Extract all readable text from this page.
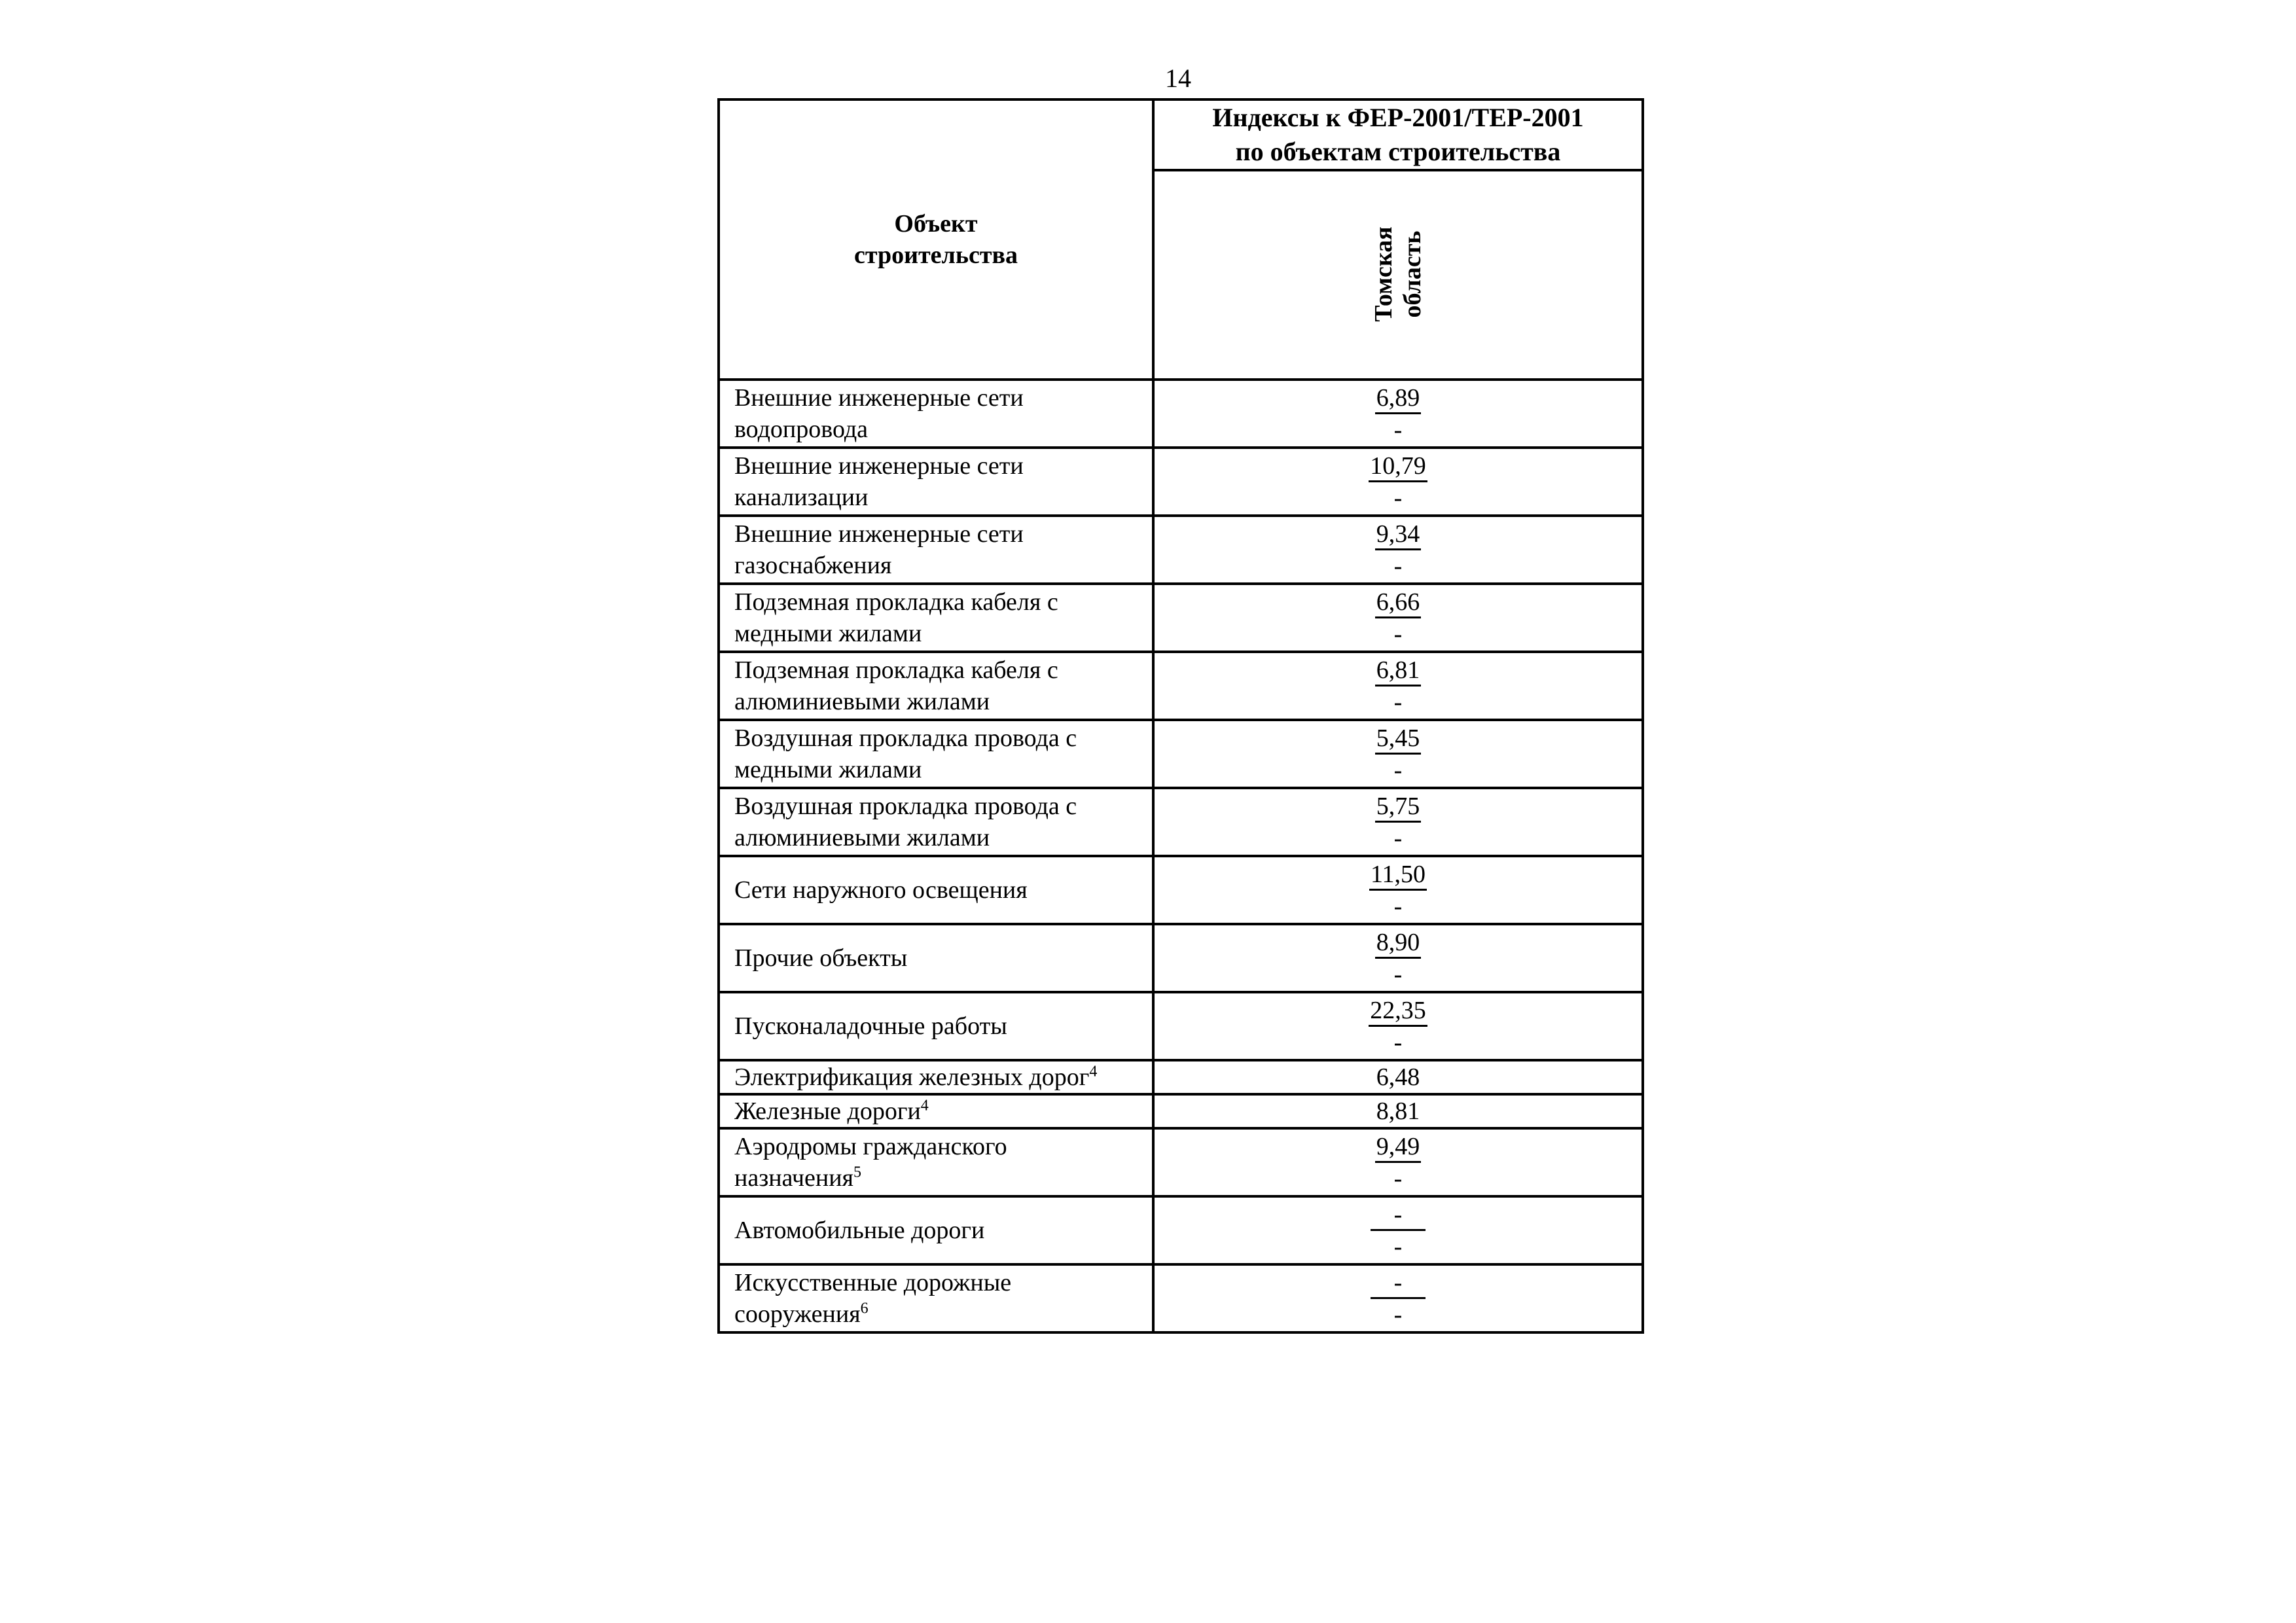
14
Объект
строительства	Индексы к ФЕР-2001/ТЕР-2001
по объектам строительства

	Томская область

Внешние инженерные сети
водопровода	6,89
-

Внешние инженерные сети
канализации	10,79
-

Внешние инженерные сети
газоснабжения	9,34
-

Подземная прокладка кабеля с
медными жилами	6,66
-

Подземная прокладка кабеля с
алюминиевыми жилами	6,81
-

Воздушная прокладка провода с
медными жилами	5,45
-

Воздушная прокладка провода с
алюминиевыми жилами	5,75
-

Сети наружного освещения	11,50
-

Прочие объекты	8,90
-

Пусконаладочные работы	22,35
-

Электрификация железных дорог$^4$	6,48

Железные дороги$^4$	8,81

Аэродромы гражданского
назначения$^5$	9,49
-

Автомобильные дороги	-
-

Искусственные дорожные
сооружения$^6$	-
-
